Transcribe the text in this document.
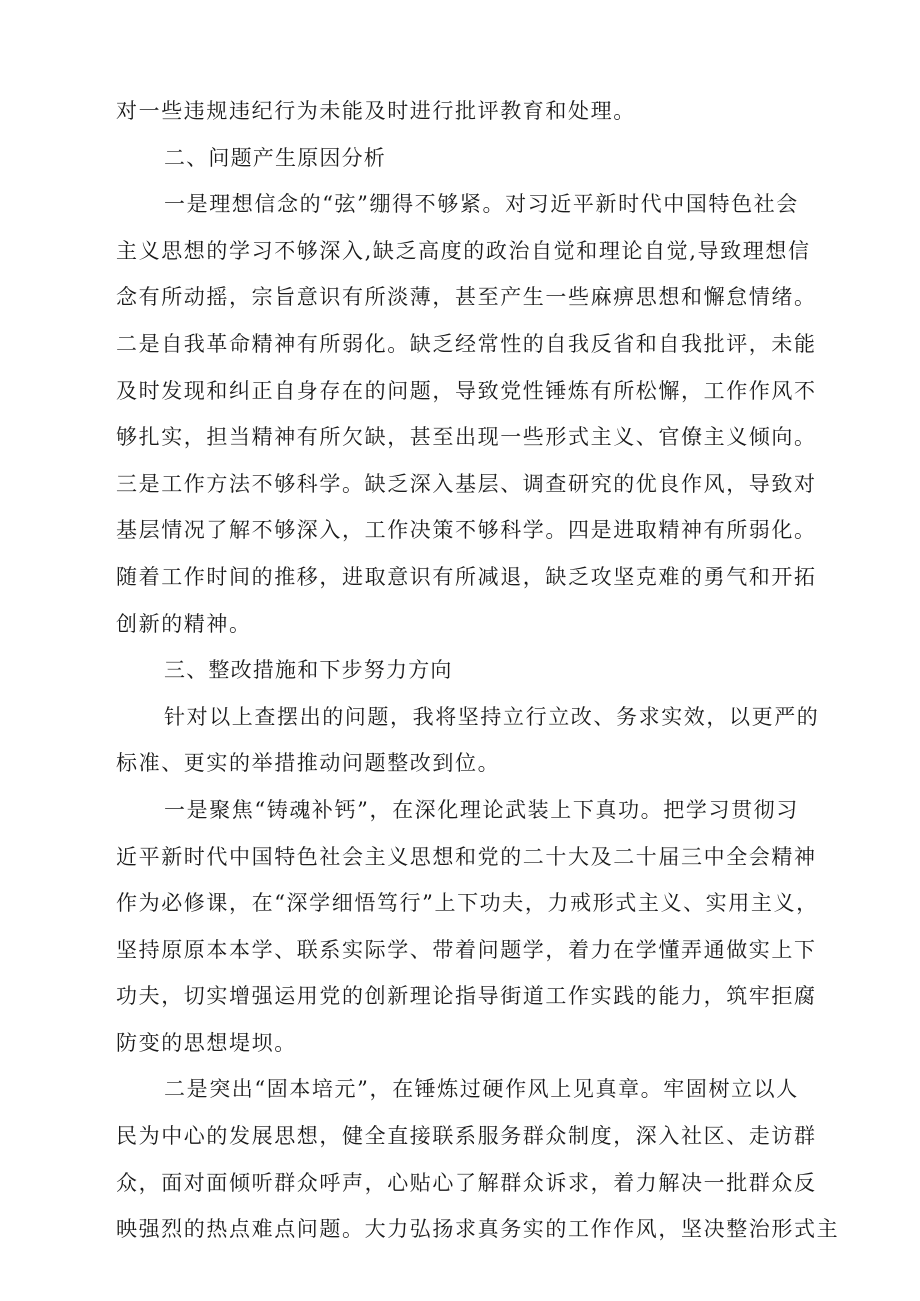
对一些违规违纪行为未能及时进行批评教育和处理。
二、问题产生原因分析
一是理想信念的“弦”绷得不够紧。对习近平新时代中国特色社会
主义思想的学习不够深入,缺乏高度的政治自觉和理论自觉,导致理想信
念有所动摇，宗旨意识有所淡薄，甚至产生一些麻痹思想和懈怠情绪。
二是自我革命精神有所弱化。缺乏经常性的自我反省和自我批评，未能
及时发现和纠正自身存在的问题，导致党性锤炼有所松懈，工作作风不
够扎实，担当精神有所欠缺，甚至出现一些形式主义、官僚主义倾向。
三是工作方法不够科学。缺乏深入基层、调查研究的优良作风，导致对
基层情况了解不够深入，工作决策不够科学。四是进取精神有所弱化。
随着工作时间的推移，进取意识有所减退，缺乏攻坚克难的勇气和开拓
创新的精神。
三、整改措施和下步努力方向
针对以上查摆出的问题，我将坚持立行立改、务求实效，以更严的
标准、更实的举措推动问题整改到位。
一是聚焦“铸魂补钙”，在深化理论武装上下真功。把学习贯彻习
近平新时代中国特色社会主义思想和党的二十大及二十届三中全会精神
作为必修课，在“深学细悟笃行”上下功夫，力戒形式主义、实用主义，
坚持原原本本学、联系实际学、带着问题学，着力在学懂弄通做实上下
功夫，切实增强运用党的创新理论指导街道工作实践的能力，筑牢拒腐
防变的思想堤坝。
二是突出“固本培元”，在锤炼过硬作风上见真章。牢固树立以人
民为中心的发展思想，健全直接联系服务群众制度，深入社区、走访群
众，面对面倾听群众呼声，心贴心了解群众诉求，着力解决一批群众反
映强烈的热点难点问题。大力弘扬求真务实的工作作风，坚决整治形式主
